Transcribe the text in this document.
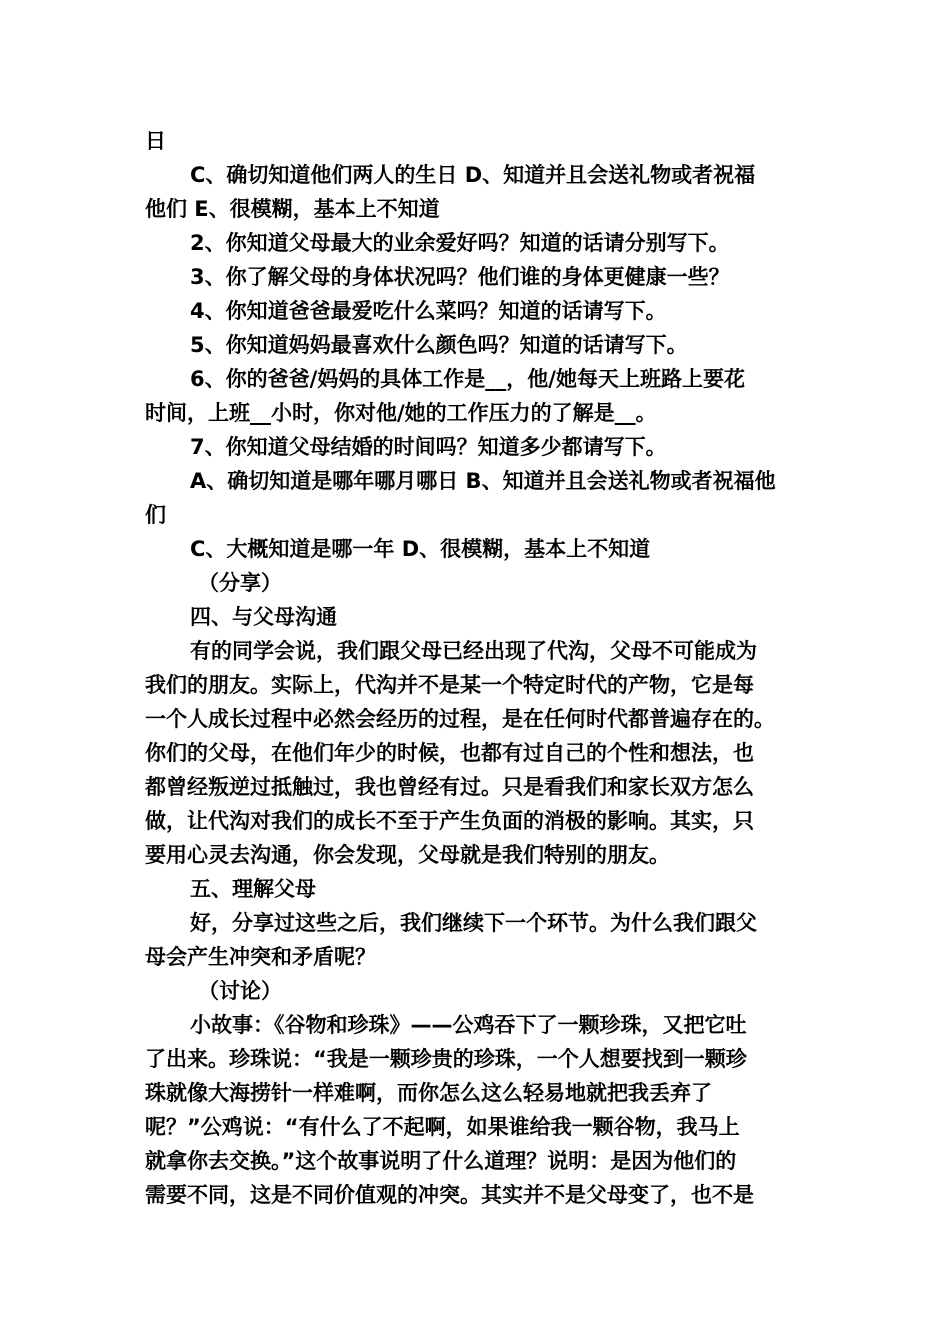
日
C、确切知道他们两人的生日 D、知道并且会送礼物或者祝福
他们 E、很模糊，基本上不知道
2、你知道父母最大的业余爱好吗？知道的话请分别写下。
3、你了解父母的身体状况吗？他们谁的身体更健康一些？
4、你知道爸爸最爱吃什么菜吗？知道的话请写下。
5、你知道妈妈最喜欢什么颜色吗？知道的话请写下。
6、你的爸爸/妈妈的具体工作是__，他/她每天上班路上要花
时间，上班__小时，你对他/她的工作压力的了解是__。
7、你知道父母结婚的时间吗？知道多少都请写下。
A、确切知道是哪年哪月哪日 B、知道并且会送礼物或者祝福他
们
C、大概知道是哪一年 D、很模糊，基本上不知道
（分享）
四、与父母沟通
有的同学会说，我们跟父母已经出现了代沟，父母不可能成为
我们的朋友。实际上，代沟并不是某一个特定时代的产物，它是每
一个人成长过程中必然会经历的过程，是在任何时代都普遍存在的。
你们的父母，在他们年少的时候，也都有过自己的个性和想法，也
都曾经叛逆过抵触过，我也曾经有过。只是看我们和家长双方怎么
做，让代沟对我们的成长不至于产生负面的消极的影响。其实，只
要用心灵去沟通，你会发现，父母就是我们特别的朋友。
五、理解父母
好，分享过这些之后，我们继续下一个环节。为什么我们跟父
母会产生冲突和矛盾呢？
（讨论）
小故事：《谷物和珍珠》——公鸡吞下了一颗珍珠，又把它吐
了出来。珍珠说：“我是一颗珍贵的珍珠，一个人想要找到一颗珍
珠就像大海捞针一样难啊，而你怎么这么轻易地就把我丢弃了
呢？”公鸡说：“有什么了不起啊，如果谁给我一颗谷物，我马上
就拿你去交换。”这个故事说明了什么道理？说明：是因为他们的
需要不同，这是不同价值观的冲突。其实并不是父母变了，也不是
